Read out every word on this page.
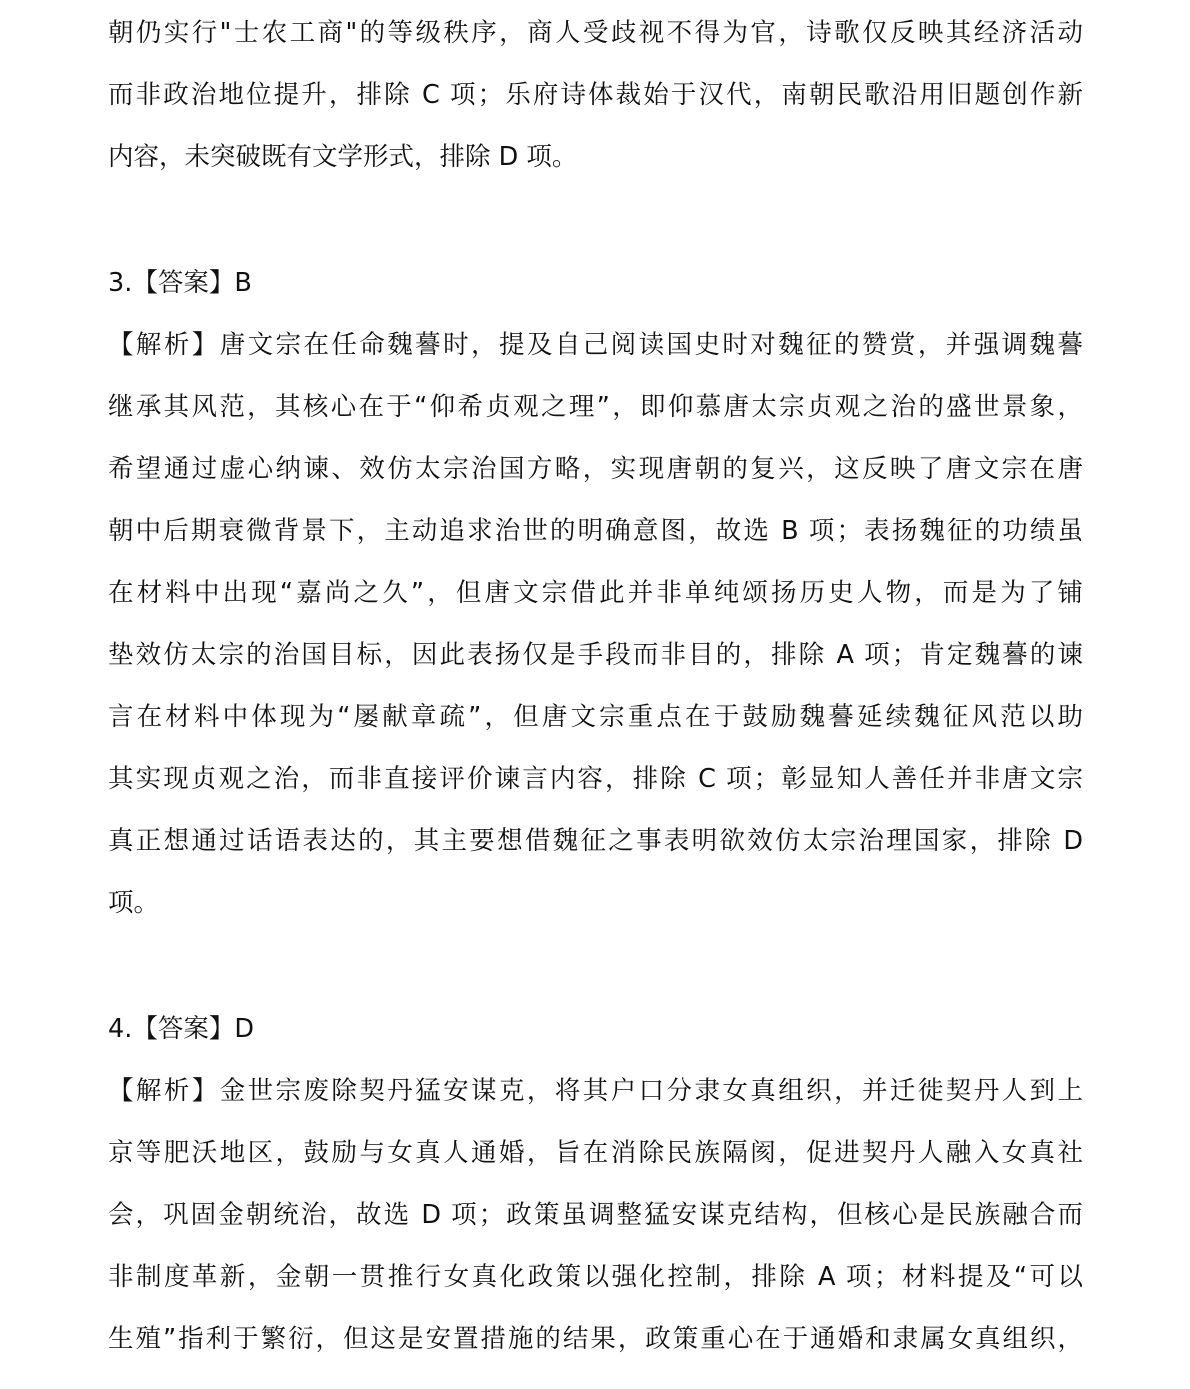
朝仍实行"士农工商"的等级秩序，商人受歧视不得为官，诗歌仅反映其经济活动
而非政治地位提升，排除 C 项；乐府诗体裁始于汉代，南朝民歌沿用旧题创作新
内容，未突破既有文学形式，排除 D 项。
3.【答案】B
【解析】唐文宗在任命魏謩时，提及自己阅读国史时对魏征的赞赏，并强调魏謩
继承其风范，其核心在于“仰希贞观之理”，即仰慕唐太宗贞观之治的盛世景象，
希望通过虚心纳谏、效仿太宗治国方略，实现唐朝的复兴，这反映了唐文宗在唐
朝中后期衰微背景下，主动追求治世的明确意图，故选 B 项；表扬魏征的功绩虽
在材料中出现“嘉尚之久”，但唐文宗借此并非单纯颂扬历史人物，而是为了铺
垫效仿太宗的治国目标，因此表扬仅是手段而非目的，排除 A 项；肯定魏謩的谏
言在材料中体现为“屡献章疏”，但唐文宗重点在于鼓励魏謩延续魏征风范以助
其实现贞观之治，而非直接评价谏言内容，排除 C 项；彰显知人善任并非唐文宗
真正想通过话语表达的，其主要想借魏征之事表明欲效仿太宗治理国家，排除 D
项。
4.【答案】D
【解析】金世宗废除契丹猛安谋克，将其户口分隶女真组织，并迁徙契丹人到上
京等肥沃地区，鼓励与女真人通婚，旨在消除民族隔阂，促进契丹人融入女真社
会，巩固金朝统治，故选 D 项；政策虽调整猛安谋克结构，但核心是民族融合而
非制度革新，金朝一贯推行女真化政策以强化控制，排除 A 项；材料提及“可以
生殖”指利于繁衍，但这是安置措施的结果，政策重心在于通婚和隶属女真组织，
